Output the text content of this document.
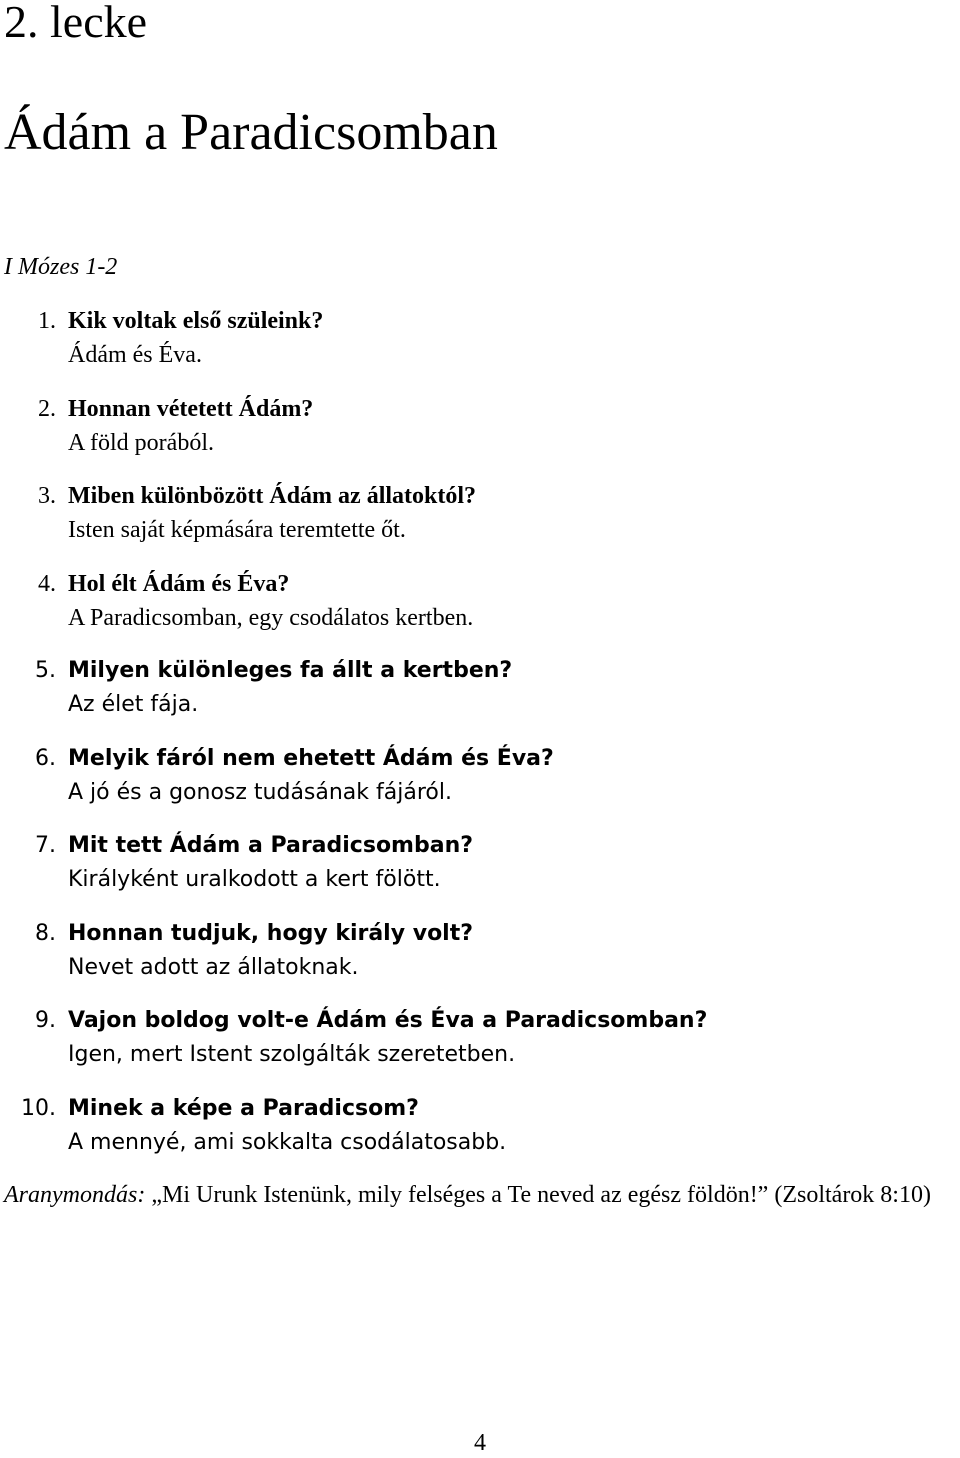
2. lecke
Ádám a Paradicsomban
I Mózes 1-2
1. Kik voltak első szüleink?
Ádám és Éva.
2. Honnan vétetett Ádám?
A föld porából.
3. Miben különbözött Ádám az állatoktól?
Isten saját képmására teremtette őt.
4. Hol élt Ádám és Éva?
A Paradicsomban, egy csodálatos kertben.
5. Milyen különleges fa állt a kertben?
Az élet fája.
6. Melyik fáról nem ehetett Ádám és Éva?
A jó és a gonosz tudásának fájáról.
7. Mit tett Ádám a Paradicsomban?
Királyként uralkodott a kert fölött.
8. Honnan tudjuk, hogy király volt?
Nevet adott az állatoknak.
9. Vajon boldog volt-e Ádám és Éva a Paradicsomban?
Igen, mert Istent szolgálták szeretetben.
10. Minek a képe a Paradicsom?
A mennyé, ami sokkalta csodálatosabb.

Aranymondás: „Mi Urunk Istenünk, mily felséges a Te neved az egész földön!” (Zsoltárok 8:10)

4
